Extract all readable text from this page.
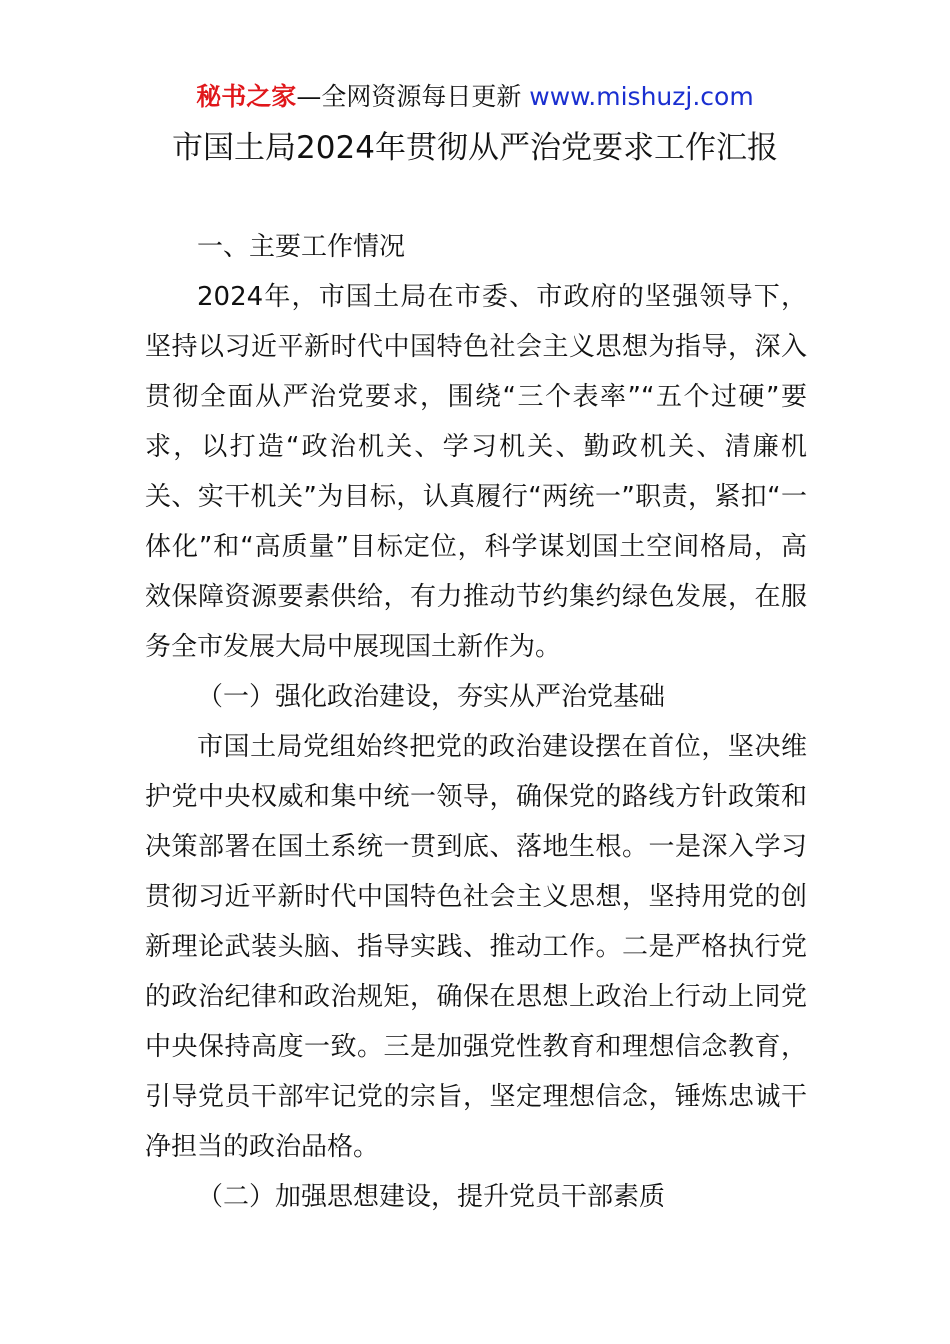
秘书之家—全网资源每日更新 www.mishuzj.com
市国土局2024年贯彻从严治党要求工作汇报

一、主要工作情况

2024年，市国土局在市委、市政府的坚强领导下，坚持以习近平新时代中国特色社会主义思想为指导，深入贯彻全面从严治党要求，围绕“三个表率”“五个过硬”要求，以打造“政治机关、学习机关、勤政机关、清廉机关、实干机关”为目标，认真履行“两统一”职责，紧扣“一体化”和“高质量”目标定位，科学谋划国土空间格局，高效保障资源要素供给，有力推动节约集约绿色发展，在服务全市发展大局中展现国土新作为。

（一）强化政治建设，夯实从严治党基础

市国土局党组始终把党的政治建设摆在首位，坚决维护党中央权威和集中统一领导，确保党的路线方针政策和决策部署在国土系统一贯到底、落地生根。一是深入学习贯彻习近平新时代中国特色社会主义思想，坚持用党的创新理论武装头脑、指导实践、推动工作。二是严格执行党的政治纪律和政治规矩，确保在思想上政治上行动上同党中央保持高度一致。三是加强党性教育和理想信念教育，引导党员干部牢记党的宗旨，坚定理想信念，锤炼忠诚干净担当的政治品格。

（二）加强思想建设，提升党员干部素质
